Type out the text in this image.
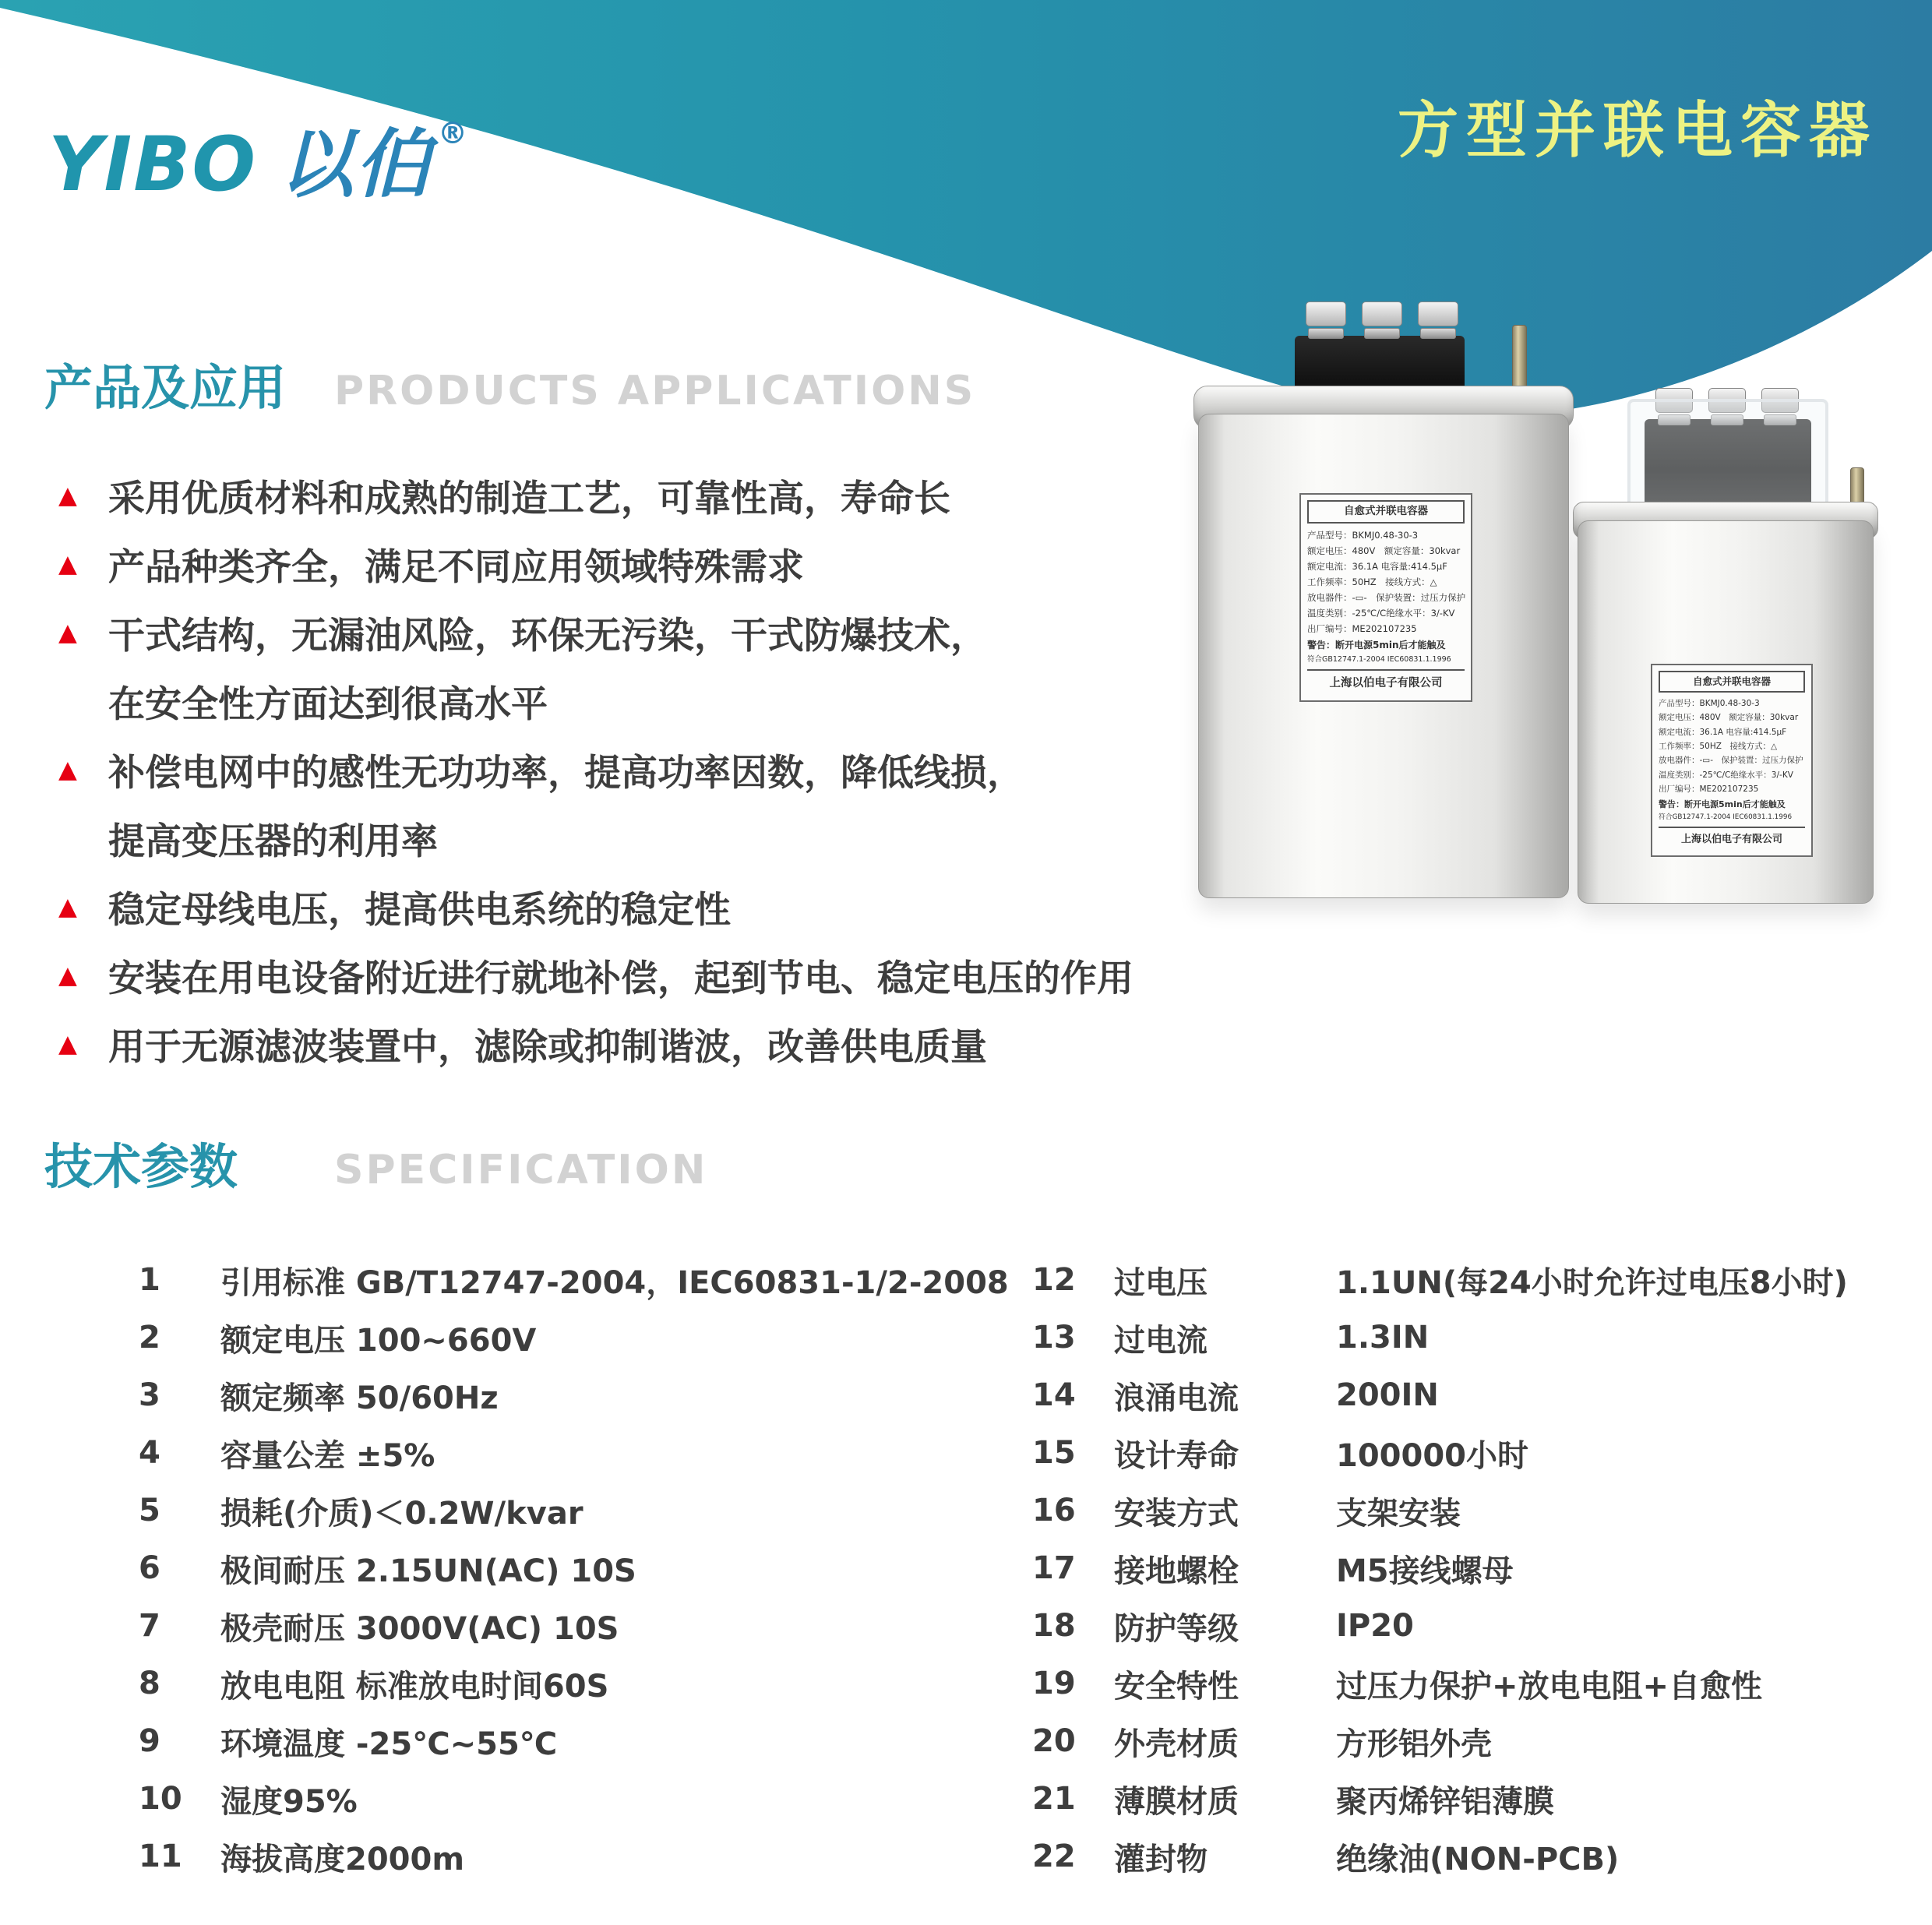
YIBO 以伯 ®	方型并联电容器
产品及应用	PRODUCTS APPLICATIONS
▲ 采用优质材料和成熟的制造工艺，可靠性高，寿命长
▲ 产品种类齐全，满足不同应用领域特殊需求
▲ 干式结构，无漏油风险，环保无污染，干式防爆技术，
在安全性方面达到很高水平
▲ 补偿电网中的感性无功功率，提高功率因数，降低线损，
提高变压器的利用率
▲ 稳定母线电压，提高供电系统的稳定性
▲ 安装在用电设备附近进行就地补偿，起到节电、稳定电压的作用
▲ 用于无源滤波装置中，滤除或抑制谐波，改善供电质量
自愈式并联电容器
产品型号：BKMJ0.48-30-3
额定电压：480V　额定容量：30kvar
额定电流：36.1A 电容量:414.5μF
工作频率：50HZ　接线方式：△
放电器件：-▭-　保护装置：过压力保护
温度类别：-25℃/C绝缘水平：3/-KV
出厂编号：ME202107235
警告：断开电源5min后才能触及
符合GB12747.1-2004 IEC60831.1.1996
上海以伯电子有限公司
自愈式并联电容器
产品型号：BKMJ0.48-30-3
额定电压：480V　额定容量：30kvar
额定电流：36.1A 电容量:414.5μF
工作频率：50HZ　接线方式：△
放电器件：-▭-　保护装置：过压力保护
温度类别：-25℃/C绝缘水平：3/-KV
出厂编号：ME202107235
警告：断开电源5min后才能触及
符合GB12747.1-2004 IEC60831.1.1996
上海以伯电子有限公司
技术参数	SPECIFICATION
1	引用标准 GB/T12747-2004，IEC60831-1/2-2008
2	额定电压 100~660V
3	额定频率 50/60Hz
4	容量公差 ±5%
5	损耗(介质)＜0.2W/kvar
6	极间耐压 2.15UN(AC) 10S
7	极壳耐压 3000V(AC) 10S
8	放电电阻 标准放电时间60S
9	环境温度 -25℃~55℃
10	湿度95%
11	海拔高度2000m
12	过电压	1.1UN(每24小时允许过电压8小时)
13	过电流	1.3IN
14	浪涌电流	200IN
15	设计寿命	100000小时
16	安装方式	支架安装
17	接地螺栓	M5接线螺母
18	防护等级	IP20
19	安全特性	过压力保护+放电电阻+自愈性
20	外壳材质	方形铝外壳
21	薄膜材质	聚丙烯锌铝薄膜
22	灌封物	绝缘油(NON-PCB)
